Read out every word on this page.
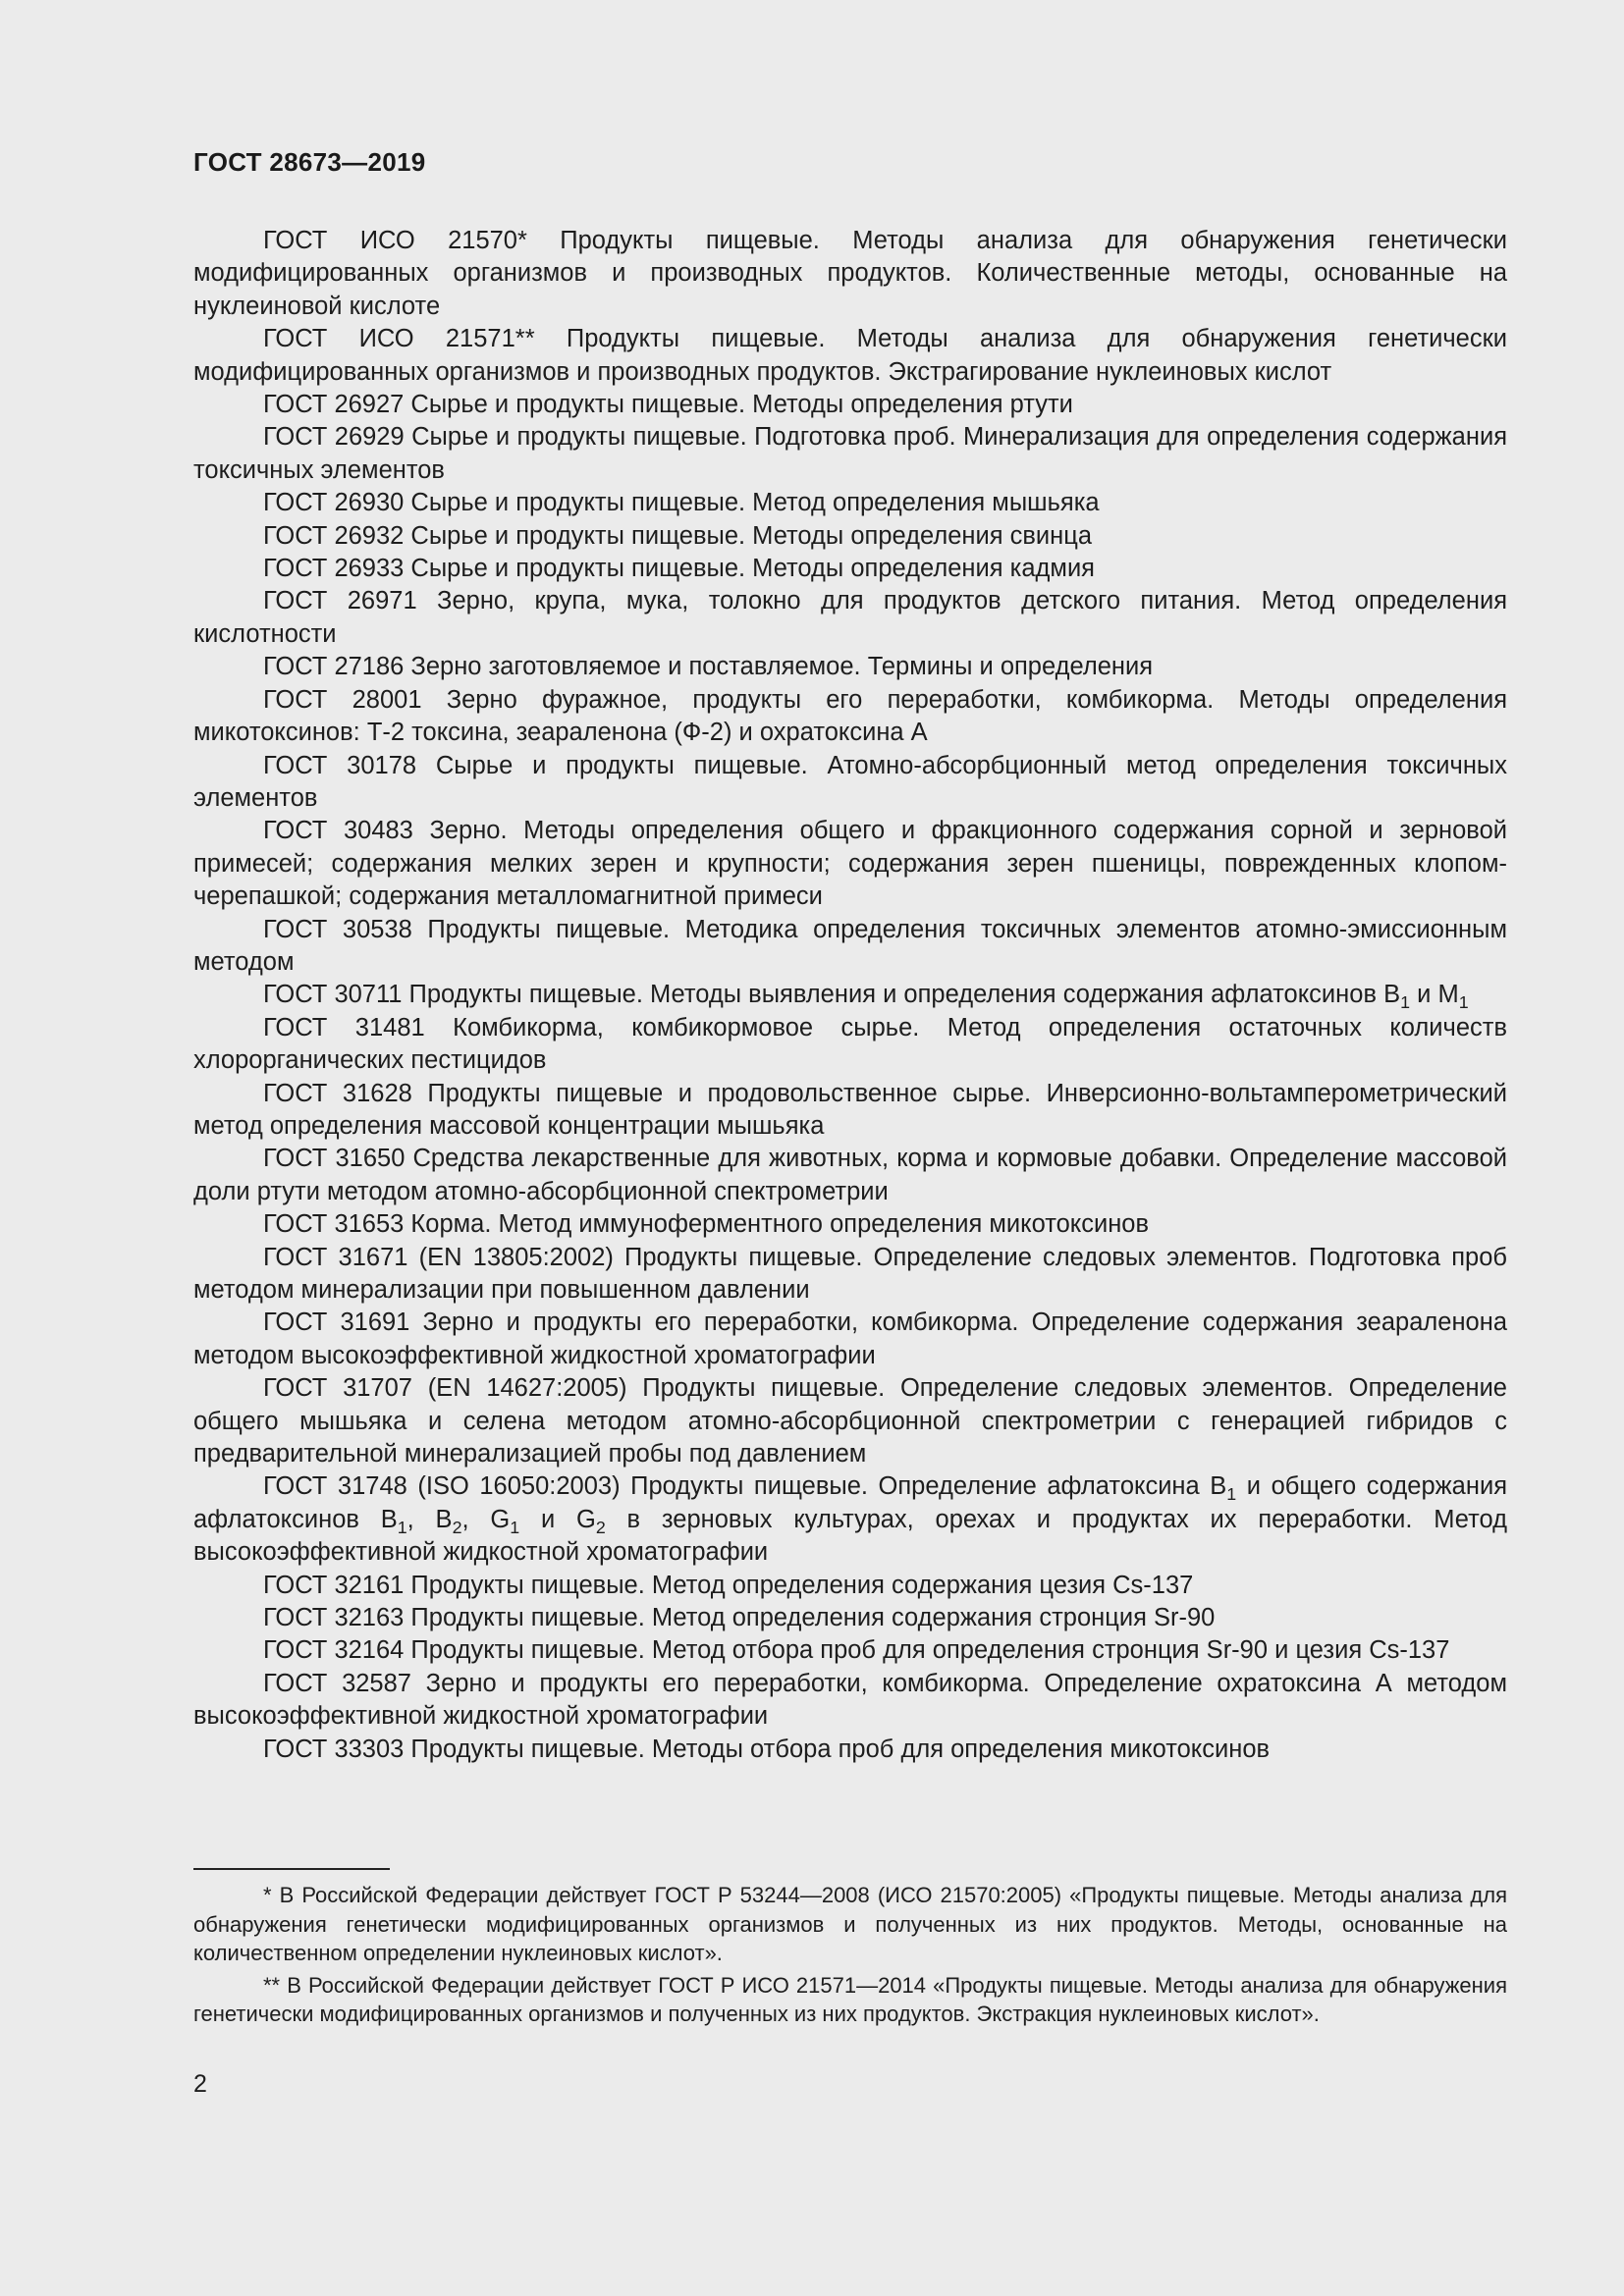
ГОСТ 28673—2019

ГОСТ ИСО 21570* Продукты пищевые. Методы анализа для обнаружения генетически модифицированных организмов и производных продуктов. Количественные методы, основанные на нуклеиновой кислоте

ГОСТ ИСО 21571** Продукты пищевые. Методы анализа для обнаружения генетически модифицированных организмов и производных продуктов. Экстрагирование нуклеиновых кислот

ГОСТ 26927 Сырье и продукты пищевые. Методы определения ртути

ГОСТ 26929 Сырье и продукты пищевые. Подготовка проб. Минерализация для определения содержания токсичных элементов

ГОСТ 26930 Сырье и продукты пищевые. Метод определения мышьяка

ГОСТ 26932 Сырье и продукты пищевые. Методы определения свинца

ГОСТ 26933 Сырье и продукты пищевые. Методы определения кадмия

ГОСТ 26971 Зерно, крупа, мука, толокно для продуктов детского питания. Метод определения кислотности

ГОСТ 27186 Зерно заготовляемое и поставляемое. Термины и определения

ГОСТ 28001 Зерно фуражное, продукты его переработки, комбикорма. Методы определения микотоксинов: Т-2 токсина, зеараленона (Ф-2) и охратоксина А

ГОСТ 30178 Сырье и продукты пищевые. Атомно-абсорбционный метод определения токсичных элементов

ГОСТ 30483 Зерно. Методы определения общего и фракционного содержания сорной и зерновой примесей; содержания мелких зерен и крупности; содержания зерен пшеницы, поврежденных клопом-черепашкой; содержания металломагнитной примеси

ГОСТ 30538 Продукты пищевые. Методика определения токсичных элементов атомно-эмиссионным методом

ГОСТ 30711 Продукты пищевые. Методы выявления и определения содержания афлатоксинов $В_1$ и $М_1$

ГОСТ 31481 Комбикорма, комбикормовое сырье. Метод определения остаточных количеств хлорорганических пестицидов

ГОСТ 31628 Продукты пищевые и продовольственное сырье. Инверсионно-вольтамперометрический метод определения массовой концентрации мышьяка

ГОСТ 31650 Средства лекарственные для животных, корма и кормовые добавки. Определение массовой доли ртути методом атомно-абсорбционной спектрометрии

ГОСТ 31653 Корма. Метод иммуноферментного определения микотоксинов

ГОСТ 31671 (EN 13805:2002) Продукты пищевые. Определение следовых элементов. Подготовка проб методом минерализации при повышенном давлении

ГОСТ 31691 Зерно и продукты его переработки, комбикорма. Определение содержания зеараленона методом высокоэффективной жидкостной хроматографии

ГОСТ 31707 (EN 14627:2005) Продукты пищевые. Определение следовых элементов. Определение общего мышьяка и селена методом атомно-абсорбционной спектрометрии с генерацией гибридов с предварительной минерализацией пробы под давлением

ГОСТ 31748 (ISO 16050:2003) Продукты пищевые. Определение афлатоксина $В_1$ и общего содержания афлатоксинов $В_1$, $В_2$, $G_1$ и $G_2$ в зерновых культурах, орехах и продуктах их переработки. Метод высокоэффективной жидкостной хроматографии

ГОСТ 32161 Продукты пищевые. Метод определения содержания цезия Cs-137

ГОСТ 32163 Продукты пищевые. Метод определения содержания стронция Sr-90

ГОСТ 32164 Продукты пищевые. Метод отбора проб для определения стронция Sr-90 и цезия Cs-137

ГОСТ 32587 Зерно и продукты его переработки, комбикорма. Определение охратоксина А методом высокоэффективной жидкостной хроматографии

ГОСТ 33303 Продукты пищевые. Методы отбора проб для определения микотоксинов

* В Российской Федерации действует ГОСТ Р 53244—2008 (ИСО 21570:2005) «Продукты пищевые. Методы анализа для обнаружения генетически модифицированных организмов и полученных из них продуктов. Методы, основанные на количественном определении нуклеиновых кислот».

** В Российской Федерации действует ГОСТ Р ИСО 21571—2014 «Продукты пищевые. Методы анализа для обнаружения генетически модифицированных организмов и полученных из них продуктов. Экстракция нуклеиновых кислот».

2
